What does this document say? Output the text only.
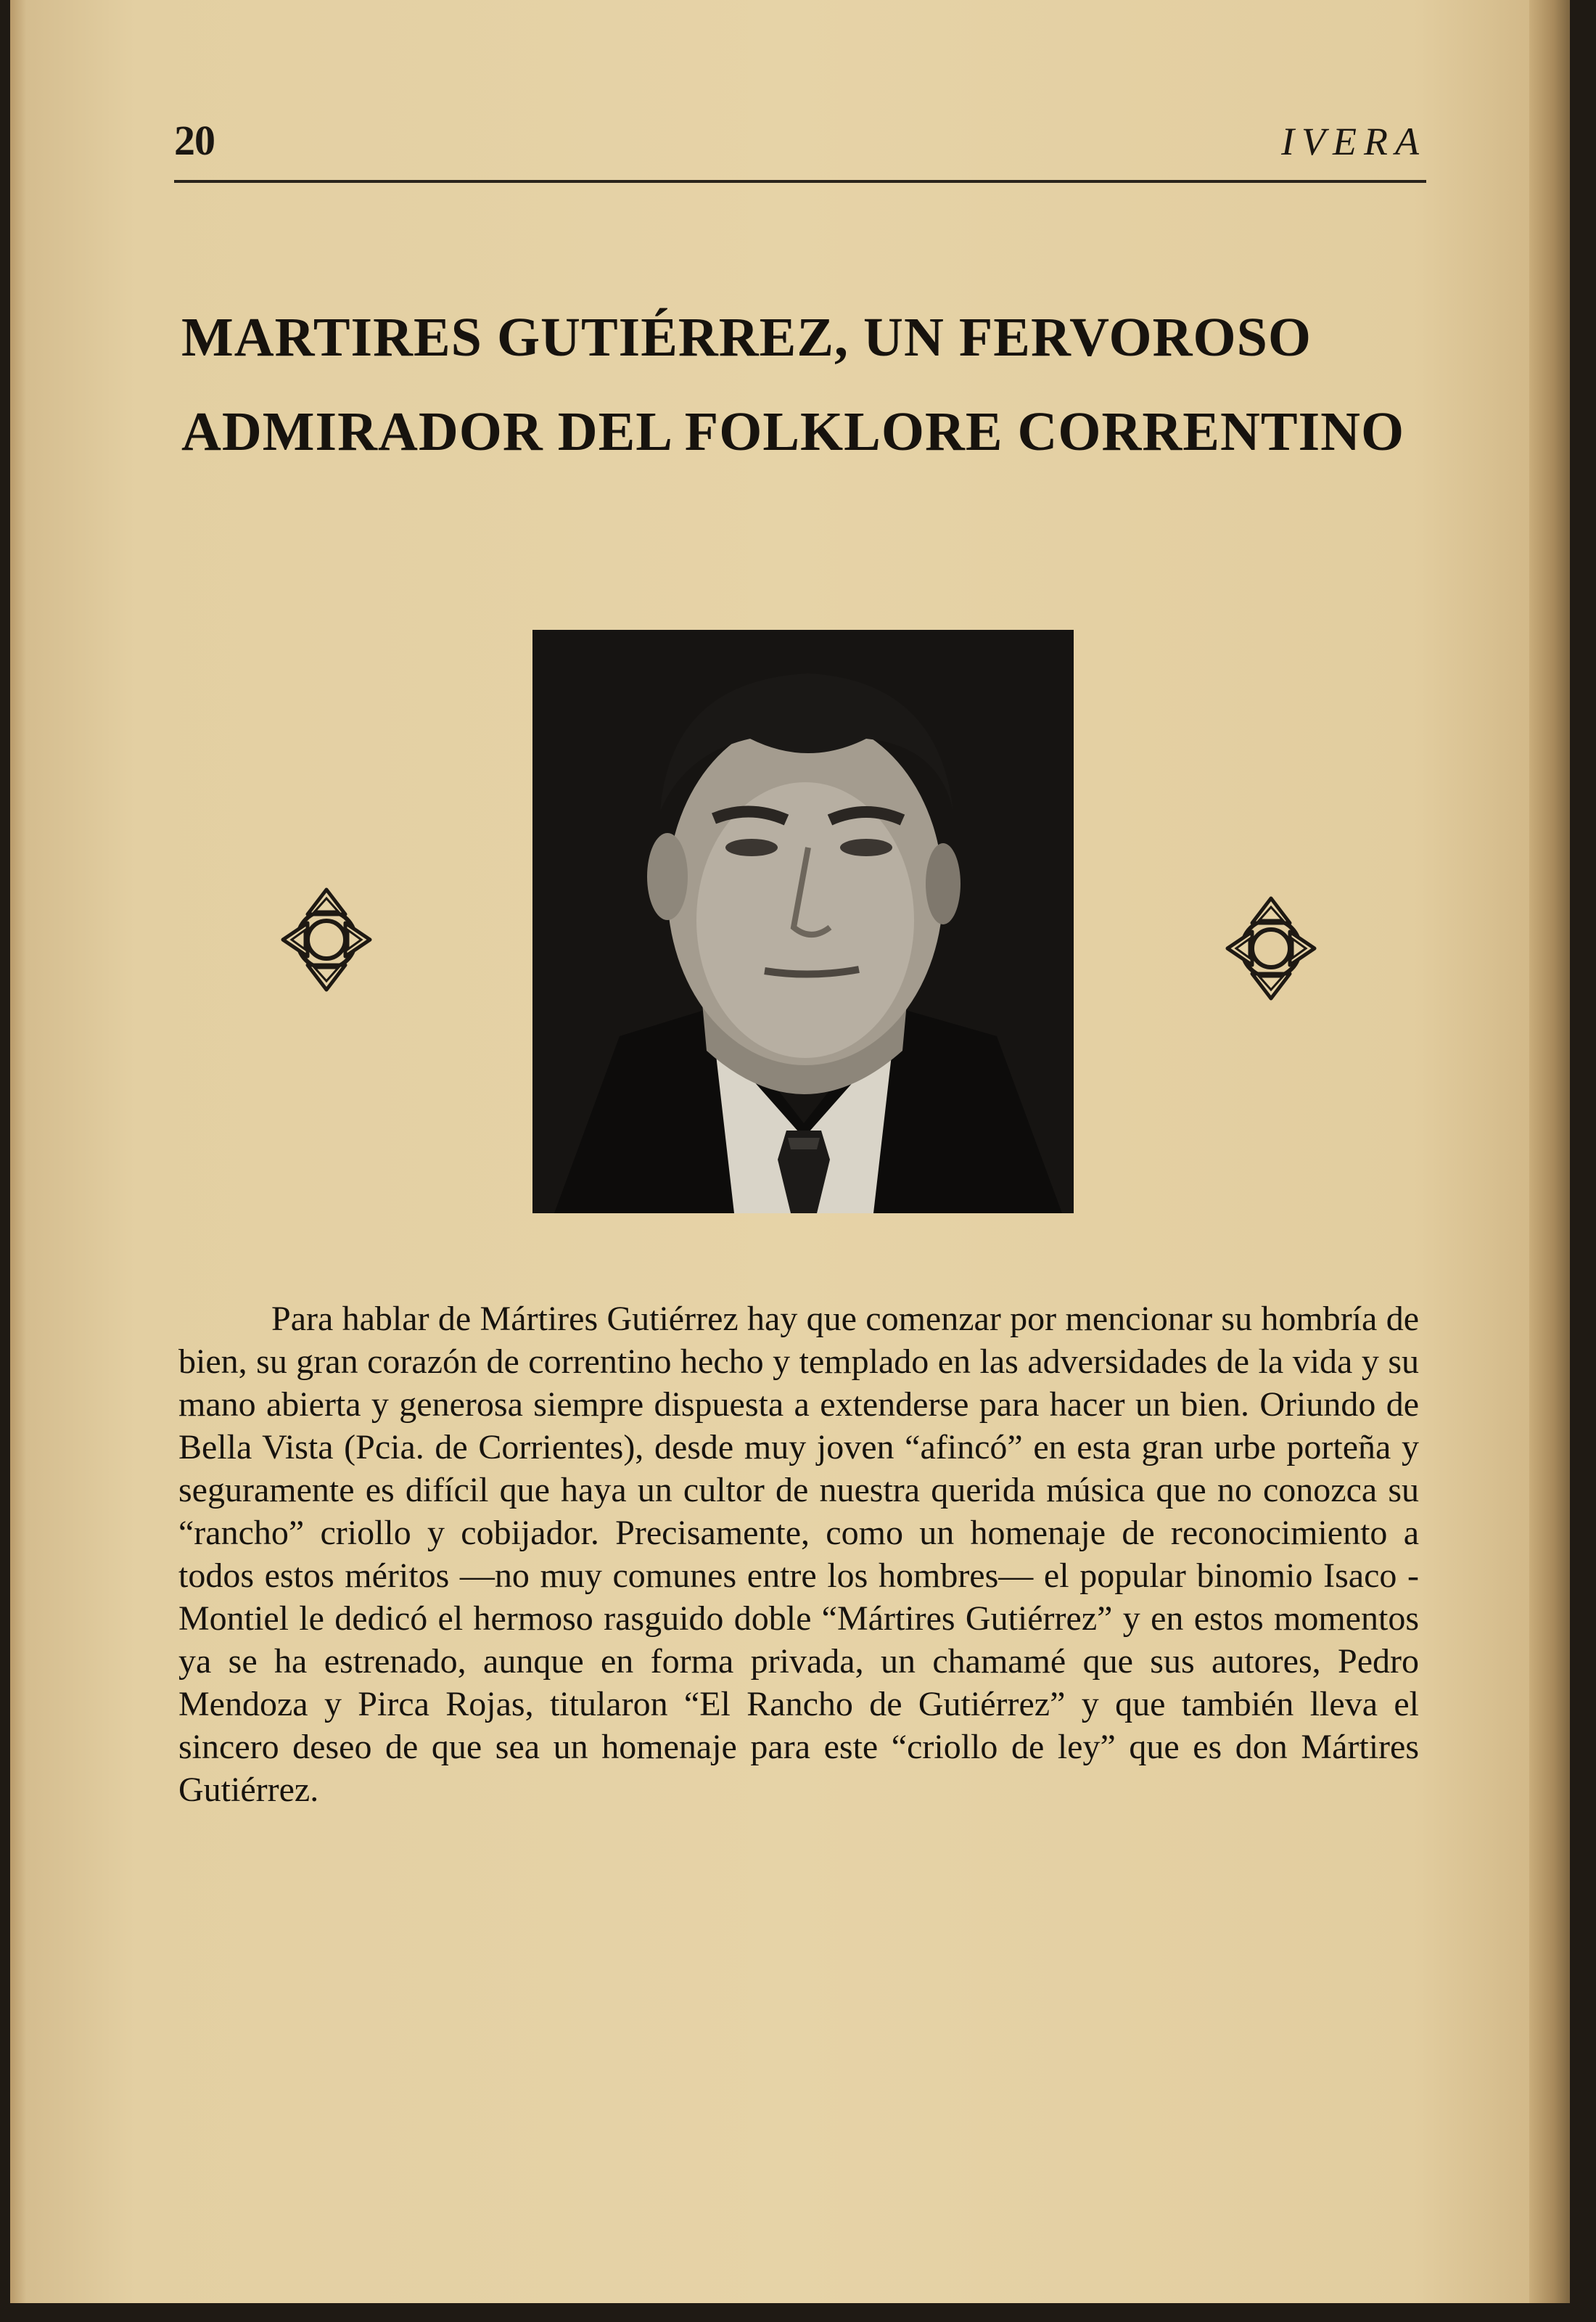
20	IVERA
MARTIRES GUTIÉRREZ, UN FERVOROSO
ADMIRADOR DEL FOLKLORE CORRENTINO

Para hablar de Mártires Gutiérrez hay que comenzar por mencionar su hombría de bien, su gran corazón de correntino hecho y templado en las adversidades de la vida y su mano abierta y generosa siempre dispuesta a extenderse para hacer un bien. Oriundo de Bella Vista (Pcia. de Corrientes), desde muy joven “afincó” en esta gran urbe porteña y seguramente es difícil que haya un cultor de nuestra querida música que no conozca su “rancho” criollo y cobijador. Precisamente, como un homenaje de reconocimiento a todos estos méritos —no muy comunes entre los hombres— el popular binomio Isaco - Montiel le dedicó el hermoso rasguido doble “Mártires Gutiérrez” y en estos momentos ya se ha estrenado, aunque en forma privada, un chamamé que sus autores, Pedro Mendoza y Pirca Rojas, titularon “El Rancho de Gutiérrez” y que también lleva el sincero deseo de que sea un homenaje para este “criollo de ley” que es don Mártires Gutiérrez.
